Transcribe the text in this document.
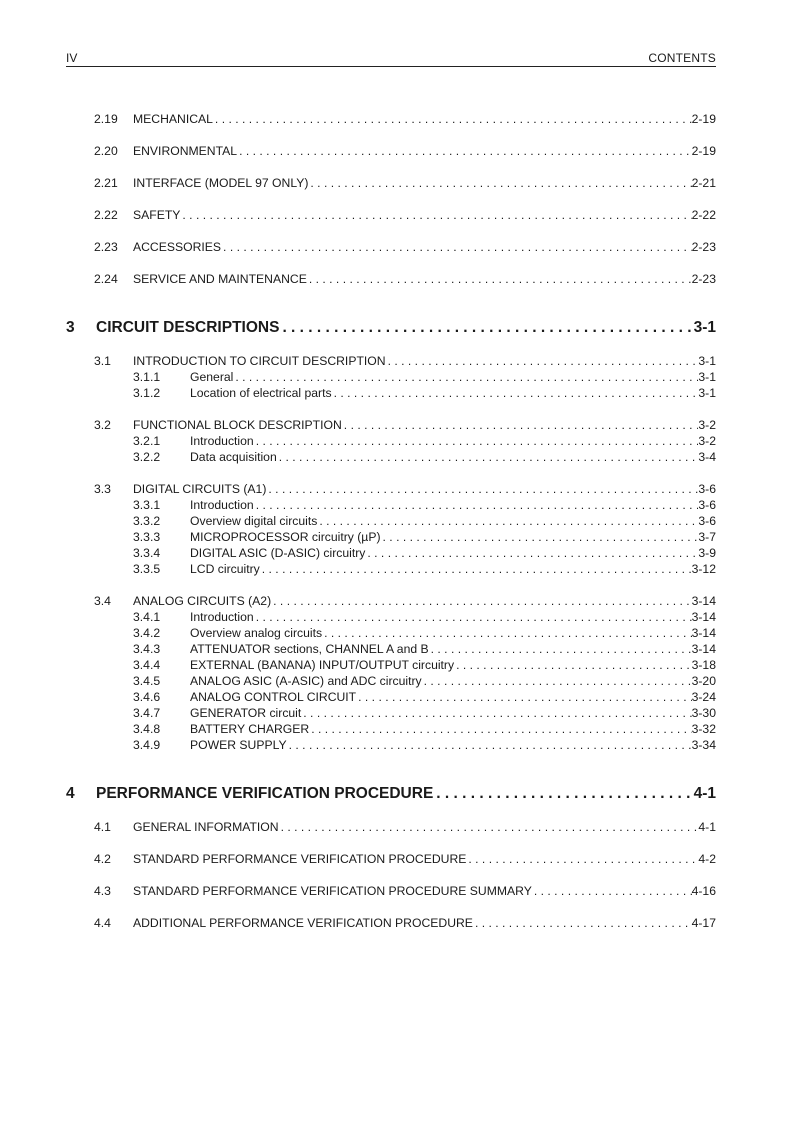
IV	CONTENTS
2.19 MECHANICAL . . .	2-19
2.20 ENVIRONMENTAL . . .	2-19
2.21 INTERFACE (MODEL 97 ONLY) . . .	2-21
2.22 SAFETY . . .	2-22
2.23 ACCESSORIES . . .	2-23
2.24 SERVICE AND MAINTENANCE . . .	2-23
3 CIRCUIT DESCRIPTIONS . . .	3-1
3.1 INTRODUCTION TO CIRCUIT DESCRIPTION . . .	3-1
3.1.1 General . . .	3-1
3.1.2 Location of electrical parts . . .	3-1
3.2 FUNCTIONAL BLOCK DESCRIPTION . . .	3-2
3.2.1 Introduction . . .	3-2
3.2.2 Data acquisition . . .	3-4
3.3 DIGITAL CIRCUITS (A1) . . .	3-6
3.3.1 Introduction . . .	3-6
3.3.2 Overview digital circuits . . .	3-6
3.3.3 MICROPROCESSOR circuitry (µP) . . .	3-7
3.3.4 DIGITAL ASIC (D-ASIC) circuitry . . .	3-9
3.3.5 LCD circuitry . . .	3-12
3.4 ANALOG CIRCUITS (A2) . . .	3-14
3.4.1 Introduction . . .	3-14
3.4.2 Overview analog circuits . . .	3-14
3.4.3 ATTENUATOR sections, CHANNEL A and B . . .	3-14
3.4.4 EXTERNAL (BANANA) INPUT/OUTPUT circuitry . . .	3-18
3.4.5 ANALOG ASIC (A-ASIC) and ADC circuitry . . .	3-20
3.4.6 ANALOG CONTROL CIRCUIT . . .	3-24
3.4.7 GENERATOR circuit . . .	3-30
3.4.8 BATTERY CHARGER . . .	3-32
3.4.9 POWER SUPPLY . . .	3-34
4 PERFORMANCE VERIFICATION PROCEDURE . . .	4-1
4.1 GENERAL INFORMATION . . .	4-1
4.2 STANDARD PERFORMANCE VERIFICATION PROCEDURE . . .	4-2
4.3 STANDARD PERFORMANCE VERIFICATION PROCEDURE SUMMARY . . .	4-16
4.4 ADDITIONAL PERFORMANCE VERIFICATION PROCEDURE . . .	4-17
